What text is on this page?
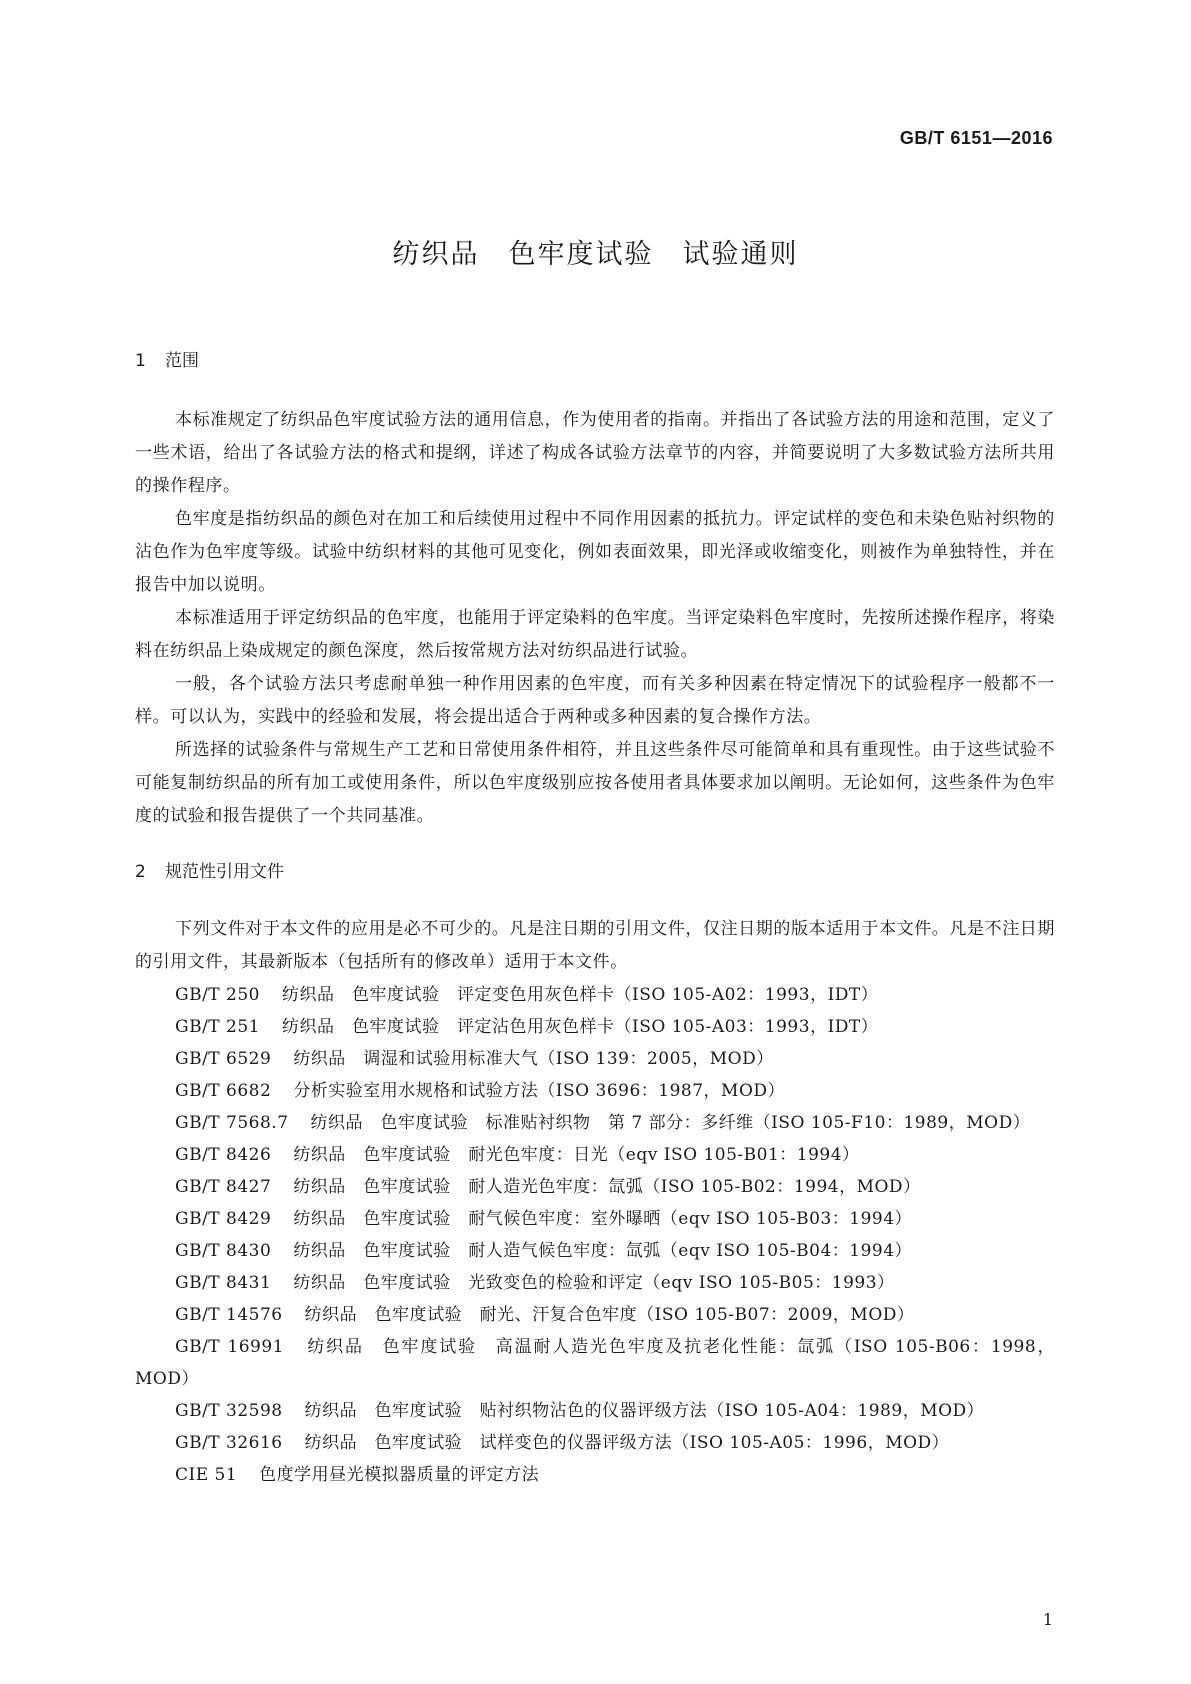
GB/T 6151—2016
纺织品　色牢度试验　试验通则
1 范围

本标准规定了纺织品色牢度试验方法的通用信息，作为使用者的指南。并指出了各试验方法的用途和范围，定义了一些术语，给出了各试验方法的格式和提纲，详述了构成各试验方法章节的内容，并简要说明了大多数试验方法所共用的操作程序。

色牢度是指纺织品的颜色对在加工和后续使用过程中不同作用因素的抵抗力。评定试样的变色和未染色贴衬织物的沾色作为色牢度等级。试验中纺织材料的其他可见变化，例如表面效果，即光泽或收缩变化，则被作为单独特性，并在报告中加以说明。

本标准适用于评定纺织品的色牢度，也能用于评定染料的色牢度。当评定染料色牢度时，先按所述操作程序，将染料在纺织品上染成规定的颜色深度，然后按常规方法对纺织品进行试验。

一般，各个试验方法只考虑耐单独一种作用因素的色牢度，而有关多种因素在特定情况下的试验程序一般都不一样。可以认为，实践中的经验和发展，将会提出适合于两种或多种因素的复合操作方法。

所选择的试验条件与常规生产工艺和日常使用条件相符，并且这些条件尽可能简单和具有重现性。由于这些试验不可能复制纺织品的所有加工或使用条件，所以色牢度级别应按各使用者具体要求加以阐明。无论如何，这些条件为色牢度的试验和报告提供了一个共同基准。

2 规范性引用文件

下列文件对于本文件的应用是必不可少的。凡是注日期的引用文件，仅注日期的版本适用于本文件。凡是不注日期的引用文件，其最新版本（包括所有的修改单）适用于本文件。

GB/T 250 纺织品　色牢度试验　评定变色用灰色样卡（ISO 105-A02：1993，IDT）
GB/T 251 纺织品　色牢度试验　评定沾色用灰色样卡（ISO 105-A03：1993，IDT）
GB/T 6529 纺织品　调湿和试验用标准大气（ISO 139：2005，MOD）
GB/T 6682 分析实验室用水规格和试验方法（ISO 3696：1987，MOD）
GB/T 7568.7 纺织品　色牢度试验　标准贴衬织物　第 7 部分：多纤维（ISO 105-F10：1989，MOD）
GB/T 8426 纺织品　色牢度试验　耐光色牢度：日光（eqv ISO 105-B01：1994）
GB/T 8427 纺织品　色牢度试验　耐人造光色牢度：氙弧（ISO 105-B02：1994，MOD）
GB/T 8429 纺织品　色牢度试验　耐气候色牢度：室外曝晒（eqv ISO 105-B03：1994）
GB/T 8430 纺织品　色牢度试验　耐人造气候色牢度：氙弧（eqv ISO 105-B04：1994）
GB/T 8431 纺织品　色牢度试验　光致变色的检验和评定（eqv ISO 105-B05：1993）
GB/T 14576 纺织品　色牢度试验　耐光、汗复合色牢度（ISO 105-B07：2009，MOD）
GB/T 16991 纺织品　色牢度试验　高温耐人造光色牢度及抗老化性能：氙弧（ISO 105-B06：1998，MOD）
GB/T 32598 纺织品　色牢度试验　贴衬织物沾色的仪器评级方法（ISO 105-A04：1989，MOD）
GB/T 32616 纺织品　色牢度试验　试样变色的仪器评级方法（ISO 105-A05：1996，MOD）
CIE 51 色度学用昼光模拟器质量的评定方法
1
